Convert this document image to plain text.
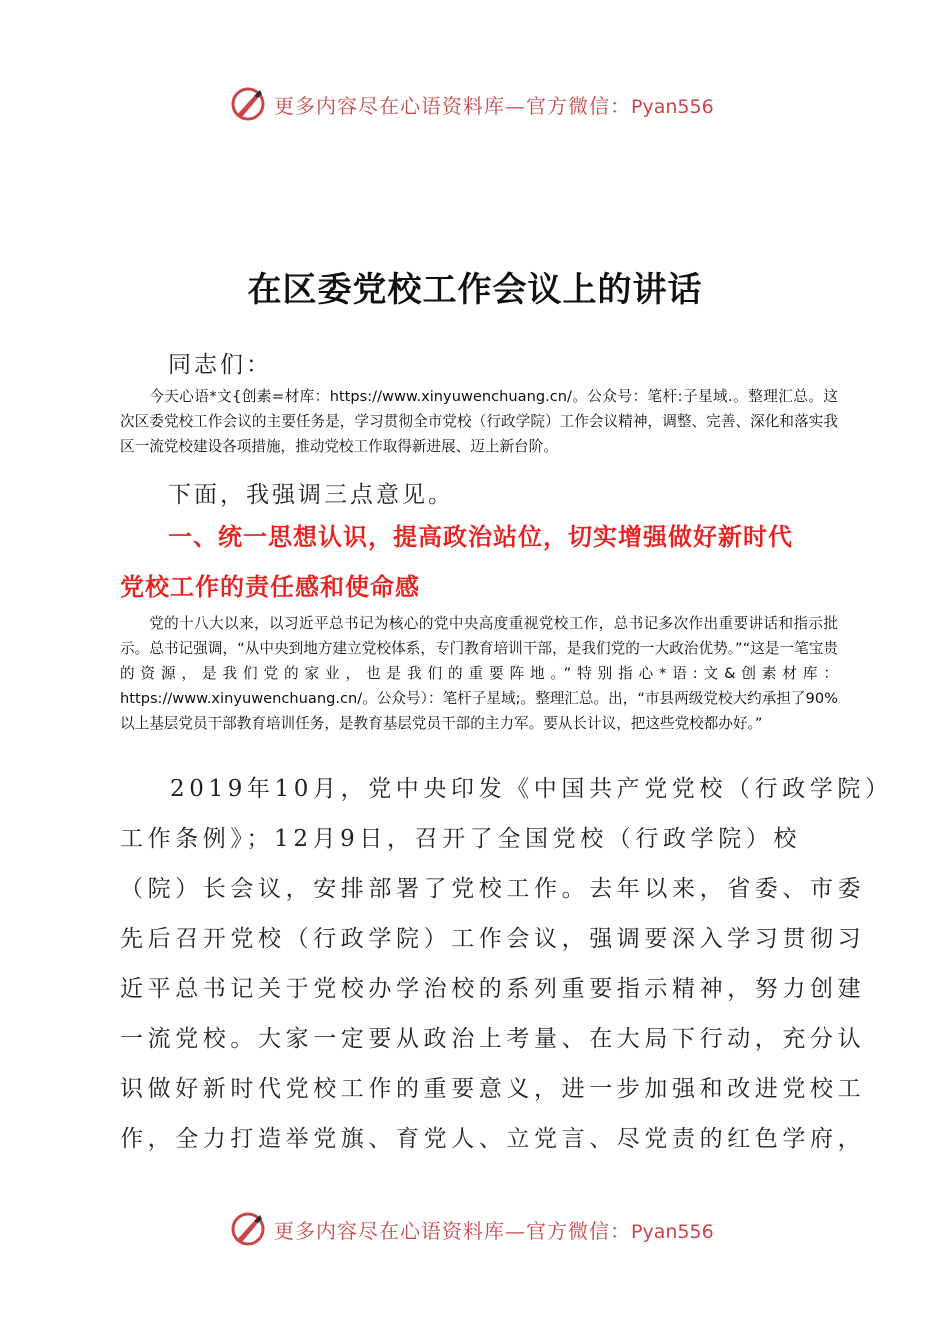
更多内容尽在心语资料库—官方微信：Pyan556
在区委党校工作会议上的讲话
同志们：

今天心语*文{创素=材库：https://www.xinyuwenchuang.cn/。公众号：笔杆:子星域.。整理汇总。这次区委党校工作会议的主要任务是，学习贯彻全市党校（行政学院）工作会议精神，调整、完善、深化和落实我区一流党校建设各项措施，推动党校工作取得新进展、迈上新台阶。

下面，我强调三点意见。
一、统一思想认识，提高政治站位，切实增强做好新时代
党校工作的责任感和使命感

党的十八大以来，以习近平总书记为核心的党中央高度重视党校工作，总书记多次作出重要讲话和指示批示。总书记强调，“从中央到地方建立党校体系，专门教育培训干部，是我们党的一大政治优势。”“这是一笔宝贵的资源，是我们党的家业，也是我们的重要阵地。”特别指心*语:文&创素材库：https://www.xinyuwenchuang.cn/。公众号）：笔杆子星域;。整理汇总。出，“市县两级党校大约承担了90%以上基层党员干部教育培训任务，是教育基层党员干部的主力军。要从长计议，把这些党校都办好。”

2019年10月，党中央印发《中国共产党党校（行政学院）
工作条例》；12月9日，召开了全国党校（行政学院）校
（院）长会议，安排部署了党校工作。去年以来，省委、市委
先后召开党校（行政学院）工作会议，强调要深入学习贯彻习
近平总书记关于党校办学治校的系列重要指示精神，努力创建
一流党校。大家一定要从政治上考量、在大局下行动，充分认
识做好新时代党校工作的重要意义，进一步加强和改进党校工
作，全力打造举党旗、育党人、立党言、尽党责的红色学府，
更多内容尽在心语资料库—官方微信：Pyan556
